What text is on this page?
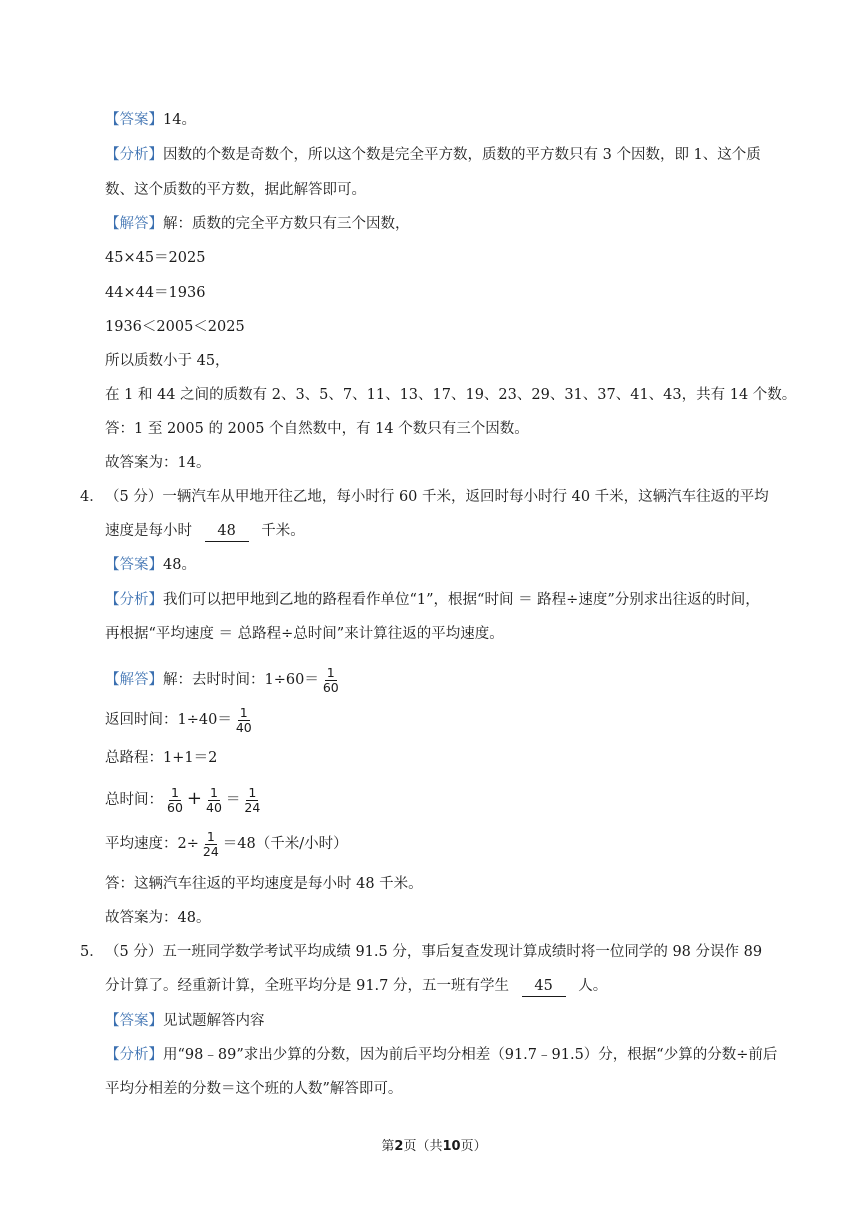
【答案】14。
【分析】因数的个数是奇数个，所以这个数是完全平方数，质数的平方数只有 3 个因数，即 1、这个质
数、这个质数的平方数，据此解答即可。
【解答】解：质数的完全平方数只有三个因数，
45×45＝2025
44×44＝1936
1936＜2005＜2025
所以质数小于 45，
在 1 和 44 之间的质数有 2、3、5、7、11、13、17、19、23、29、31、37、41、43，共有 14 个数。
答：1 至 2005 的 2005 个自然数中，有 14 个数只有三个因数。
故答案为：14。
4． （5 分）一辆汽车从甲地开往乙地，每小时行 60 千米，返回时每小时行 40 千米，这辆汽车往返的平均
速度是每小时 48 千米。
【答案】48。
【分析】我们可以把甲地到乙地的路程看作单位“1”，根据“时间 ＝ 路程÷速度”分别求出往返的时间，
再根据“平均速度 ＝ 总路程÷总时间”来计算往返的平均速度。
【解答】解：去时时间：$1\div 60= \frac{1}{60}$
返回时间：$1\div 40= \frac{1}{40}$
总路程：1+1＝2
总时间： $\frac{1}{60} + \frac{1}{40} = \frac{1}{24}$
平均速度：$2\div \frac{1}{24} =48$（千米/小时）
答：这辆汽车往返的平均速度是每小时 48 千米。
故答案为：48。
5． （5 分）五一班同学数学考试平均成绩 91.5 分，事后复查发现计算成绩时将一位同学的 98 分误作 89
分计算了。经重新计算，全班平均分是 91.7 分，五一班有学生 45 人。
【答案】见试题解答内容
【分析】用“98﹣89”求出少算的分数，因为前后平均分相差（91.7﹣91.5）分，根据“少算的分数÷前后
平均分相差的分数＝这个班的人数”解答即可。
第2页（共10页）
